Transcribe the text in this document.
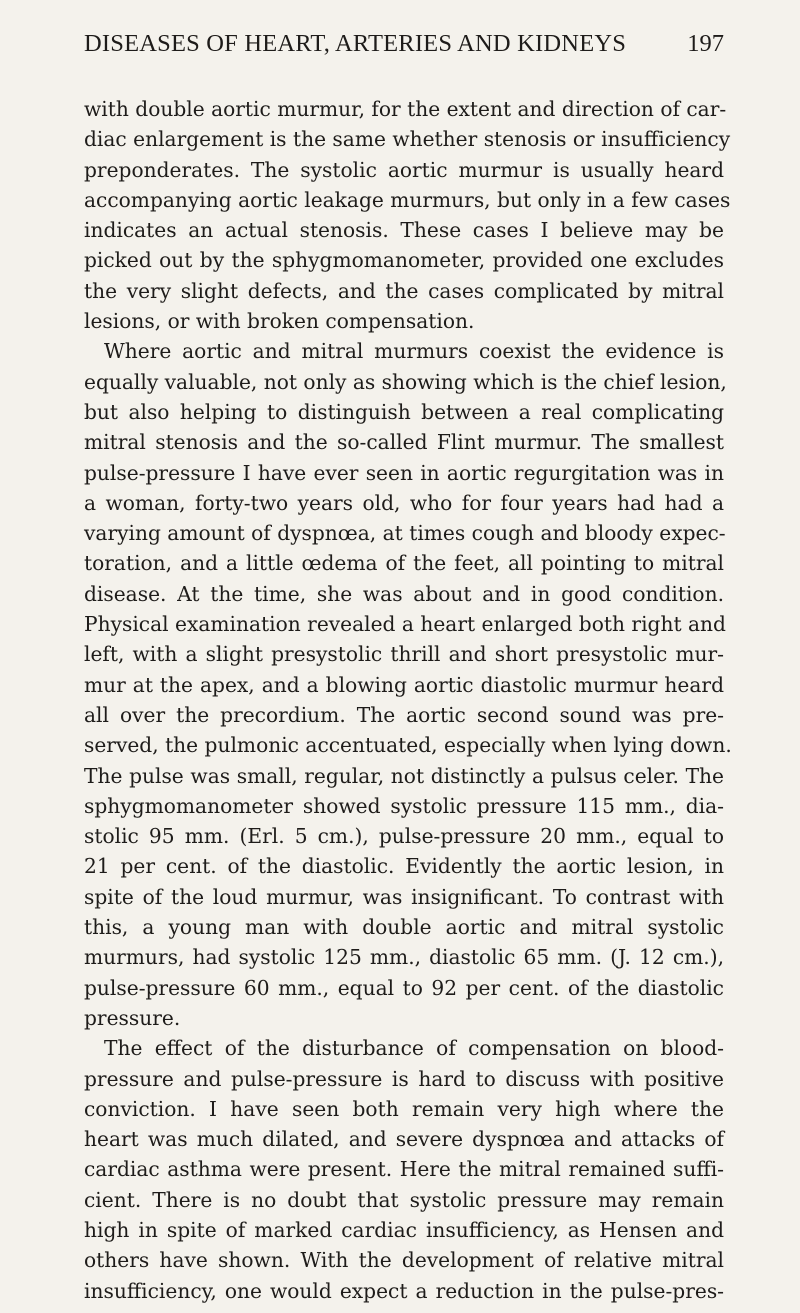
DISEASES OF HEART, ARTERIES AND KIDNEYS 197
with double aortic murmur, for the extent and direction of car-
diac enlargement is the same whether stenosis or insufficiency
preponderates. The systolic aortic murmur is usually heard
accompanying aortic leakage murmurs, but only in a few cases
indicates an actual stenosis. These cases I believe may be
picked out by the sphygmomanometer, provided one excludes
the very slight defects, and the cases complicated by mitral
lesions, or with broken compensation.
Where aortic and mitral murmurs coexist the evidence is
equally valuable, not only as showing which is the chief lesion,
but also helping to distinguish between a real complicating
mitral stenosis and the so-called Flint murmur. The smallest
pulse-pressure I have ever seen in aortic regurgitation was in
a woman, forty-two years old, who for four years had had a
varying amount of dyspnœa, at times cough and bloody expec-
toration, and a little œdema of the feet, all pointing to mitral
disease. At the time, she was about and in good condition.
Physical examination revealed a heart enlarged both right and
left, with a slight presystolic thrill and short presystolic mur-
mur at the apex, and a blowing aortic diastolic murmur heard
all over the precordium. The aortic second sound was pre-
served, the pulmonic accentuated, especially when lying down.
The pulse was small, regular, not distinctly a pulsus celer. The
sphygmomanometer showed systolic pressure 115 mm., dia-
stolic 95 mm. (Erl. 5 cm.), pulse-pressure 20 mm., equal to
21 per cent. of the diastolic. Evidently the aortic lesion, in
spite of the loud murmur, was insignificant. To contrast with
this, a young man with double aortic and mitral systolic
murmurs, had systolic 125 mm., diastolic 65 mm. (J. 12 cm.),
pulse-pressure 60 mm., equal to 92 per cent. of the diastolic
pressure.
The effect of the disturbance of compensation on blood-
pressure and pulse-pressure is hard to discuss with positive
conviction. I have seen both remain very high where the
heart was much dilated, and severe dyspnœa and attacks of
cardiac asthma were present. Here the mitral remained suffi-
cient. There is no doubt that systolic pressure may remain
high in spite of marked cardiac insufficiency, as Hensen and
others have shown. With the development of relative mitral
insufficiency, one would expect a reduction in the pulse-pres-
